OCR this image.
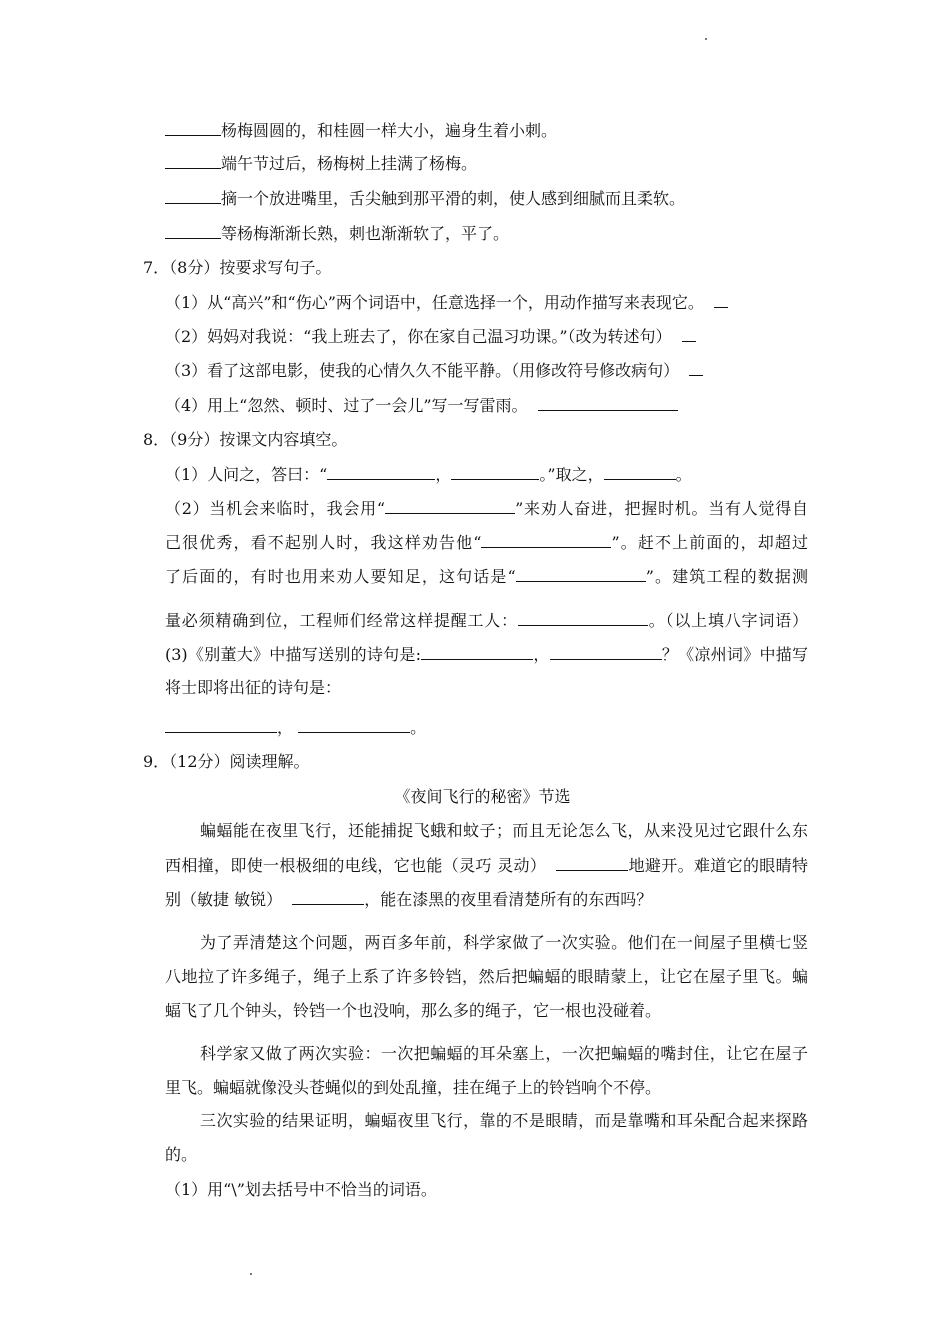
杨梅圆圆的，和桂圆一样大小，遍身生着小刺。
端午节过后，杨梅树上挂满了杨梅。
摘一个放进嘴里，舌尖触到那平滑的刺，使人感到细腻而且柔软。
等杨梅渐渐长熟，刺也渐渐软了，平了。
7．（8分）按要求写句子。
（1）从“高兴”和“伤心”两个词语中，任意选择一个，用动作描写来表现它。
（2）妈妈对我说：“我上班去了，你在家自己温习功课。”（改为转述句）
（3）看了这部电影，使我的心情久久不能平静。（用修改符号修改病句）
（4）用上“忽然、顿时、过了一会儿”写一写雷雨。
8．（9分）按课文内容填空。
（1）人问之，答曰：“	，	。”取之，	。
（2）当机会来临时，我会用“	”来劝人奋进，把握时机。当有人觉得自
己很优秀，看不起别人时，我这样劝告他“	”。赶不上前面的，却超过
了后面的，有时也用来劝人要知足，这句话是“	”。建筑工程的数据测
量必须精确到位，工程师们经常这样提醒工人：	。（以上填八字词语）
(3)《别董大》中描写送别的诗句是:	，	？《凉州词》中描写
将士即将出征的诗句是：
，	。
9．（12分）阅读理解。
《夜间飞行的秘密》节选
蝙蝠能在夜里飞行，还能捕捉飞蛾和蚊子；而且无论怎么飞，从来没见过它跟什么东
西相撞，即使一根极细的电线，它也能（灵巧 灵动）	地避开。难道它的眼睛特
别（敏捷 敏锐）	，能在漆黑的夜里看清楚所有的东西吗？
为了弄清楚这个问题，两百多年前，科学家做了一次实验。他们在一间屋子里横七竖
八地拉了许多绳子，绳子上系了许多铃铛，然后把蝙蝠的眼睛蒙上，让它在屋子里飞。蝙
蝠飞了几个钟头，铃铛一个也没响，那么多的绳子，它一根也没碰着。
科学家又做了两次实验：一次把蝙蝠的耳朵塞上，一次把蝙蝠的嘴封住，让它在屋子
里飞。蝙蝠就像没头苍蝇似的到处乱撞，挂在绳子上的铃铛响个不停。
三次实验的结果证明，蝙蝠夜里飞行，靠的不是眼睛，而是靠嘴和耳朵配合起来探路
的。
（1）用“\”划去括号中不恰当的词语。
